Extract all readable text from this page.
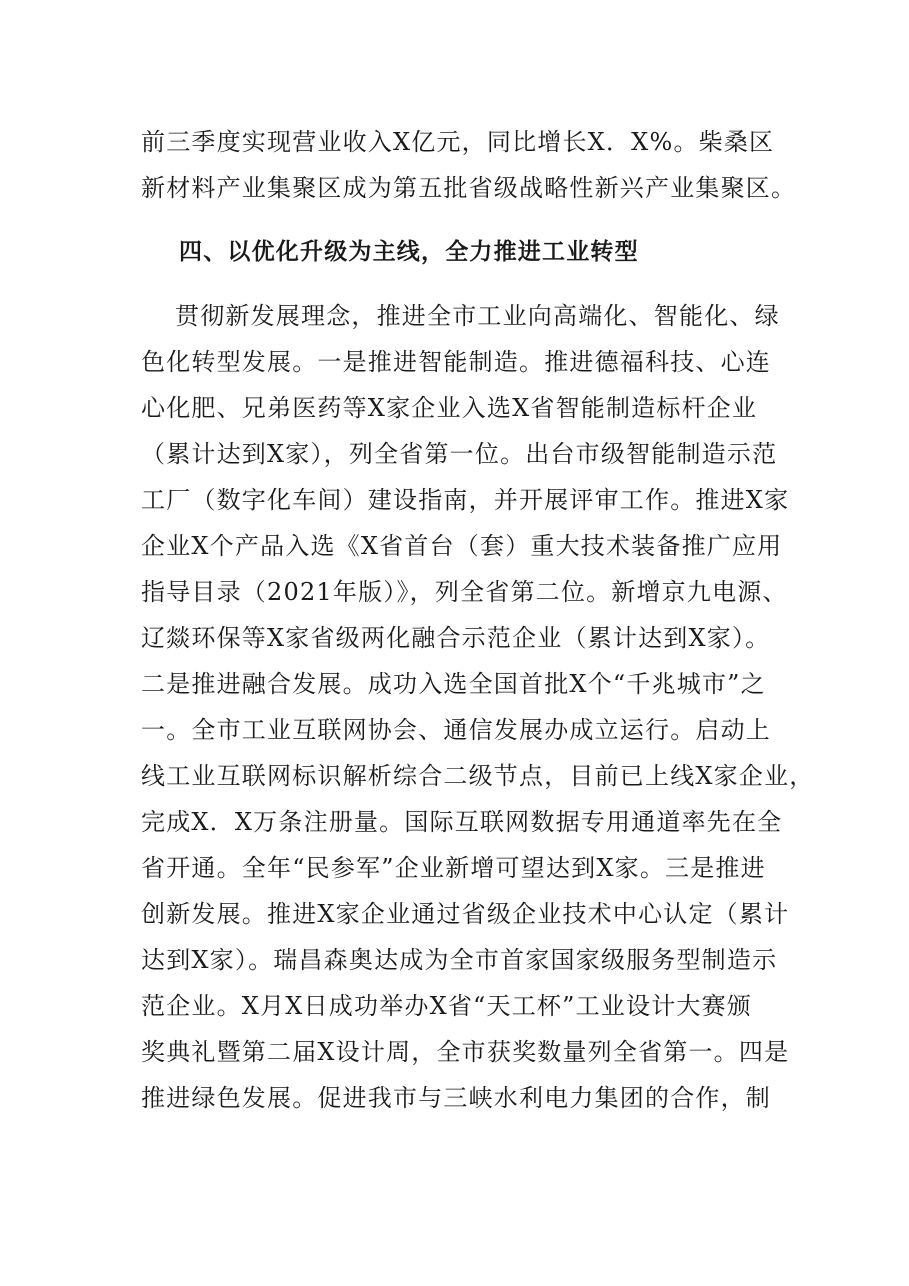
前三季度实现营业收入X亿元，同比增长X．X%。柴桑区
新材料产业集聚区成为第五批省级战略性新兴产业集聚区。
四、以优化升级为主线，全力推进工业转型
贯彻新发展理念，推进全市工业向高端化、智能化、绿
色化转型发展。一是推进智能制造。推进德福科技、心连
心化肥、兄弟医药等X家企业入选X省智能制造标杆企业
（累计达到X家），列全省第一位。出台市级智能制造示范
工厂（数字化车间）建设指南，并开展评审工作。推进X家
企业X个产品入选《X省首台（套）重大技术装备推广应用
指导目录（2021年版）》，列全省第二位。新增京九电源、
辽燚环保等X家省级两化融合示范企业（累计达到X家）。
二是推进融合发展。成功入选全国首批X个“千兆城市”之
一。全市工业互联网协会、通信发展办成立运行。启动上
线工业互联网标识解析综合二级节点，目前已上线X家企业，
完成X．X万条注册量。国际互联网数据专用通道率先在全
省开通。全年“民参军”企业新增可望达到X家。三是推进
创新发展。推进X家企业通过省级企业技术中心认定（累计
达到X家）。瑞昌森奥达成为全市首家国家级服务型制造示
范企业。X月X日成功举办X省“天工杯”工业设计大赛颁
奖典礼暨第二届X设计周，全市获奖数量列全省第一。四是
推进绿色发展。促进我市与三峡水利电力集团的合作，制
